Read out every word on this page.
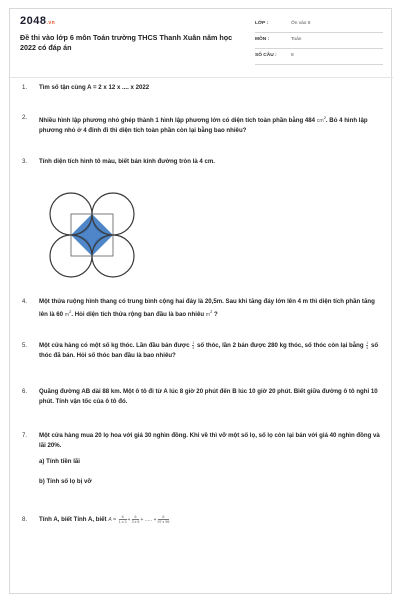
2048.vn
Đề thi vào lớp 6 môn Toán trường THCS Thanh Xuân năm học 2022 có đáp án
LỚP :	Ôn vào 6
MÔN :	Toán
SỐ CÂU :	8
1.	Tìm số tận cùng A = 2 x 12 x .... x 2022
2.	Nhiều hình lập phương nhỏ ghép thành 1 hình lập phương lớn có diện tích toàn phần bằng 484 $cm^2$. Bỏ 4 hình lập phương nhỏ ở 4 đỉnh đi thì diện tích toàn phần còn lại bằng bao nhiêu?
3.	Tính diện tích hình tô màu, biết bán kính đường tròn là 4 cm.
4.	Một thửa ruộng hình thang có trung bình cộng hai đáy là 20,5m. Sau khi tăng đáy lớn lên 4 m thì diện tích phần tăng lên là 60 $m^2$. Hỏi diện tích thửa rộng ban đầu là bao nhiêu $m^2$ ?
5.	Một cửa hàng có một số kg thóc. Lần đầu bán được $\frac{1}{4}$ số thóc, lần 2 bán được 280 kg thóc, số thóc còn lại bằng $\frac{1}{4}$ số thóc đã bán. Hỏi số thóc ban đầu là bao nhiêu?
6.	Quãng đường AB dài 88 km. Một ô tô đi từ A lúc 8 giờ 20 phút đến B lúc 10 giờ 20 phút. Biết giữa đường ô tô nghỉ 10 phút. Tính vận tốc của ô tô đó.
7.	Một cửa hàng mua 20 lọ hoa với giá 30 nghìn đồng. Khi về thì vỡ một số lọ, số lọ còn lại bán với giá 40 nghìn đồng và lãi 20%.
a) Tính tiền lãi
b) Tính số lọ bị vỡ
8.	Tính A, biết Tính A, biết $A = \frac{6}{1 x 3} + \frac{6}{3 x 5}$ + ..... + $\frac{6}{97 x 99}$
